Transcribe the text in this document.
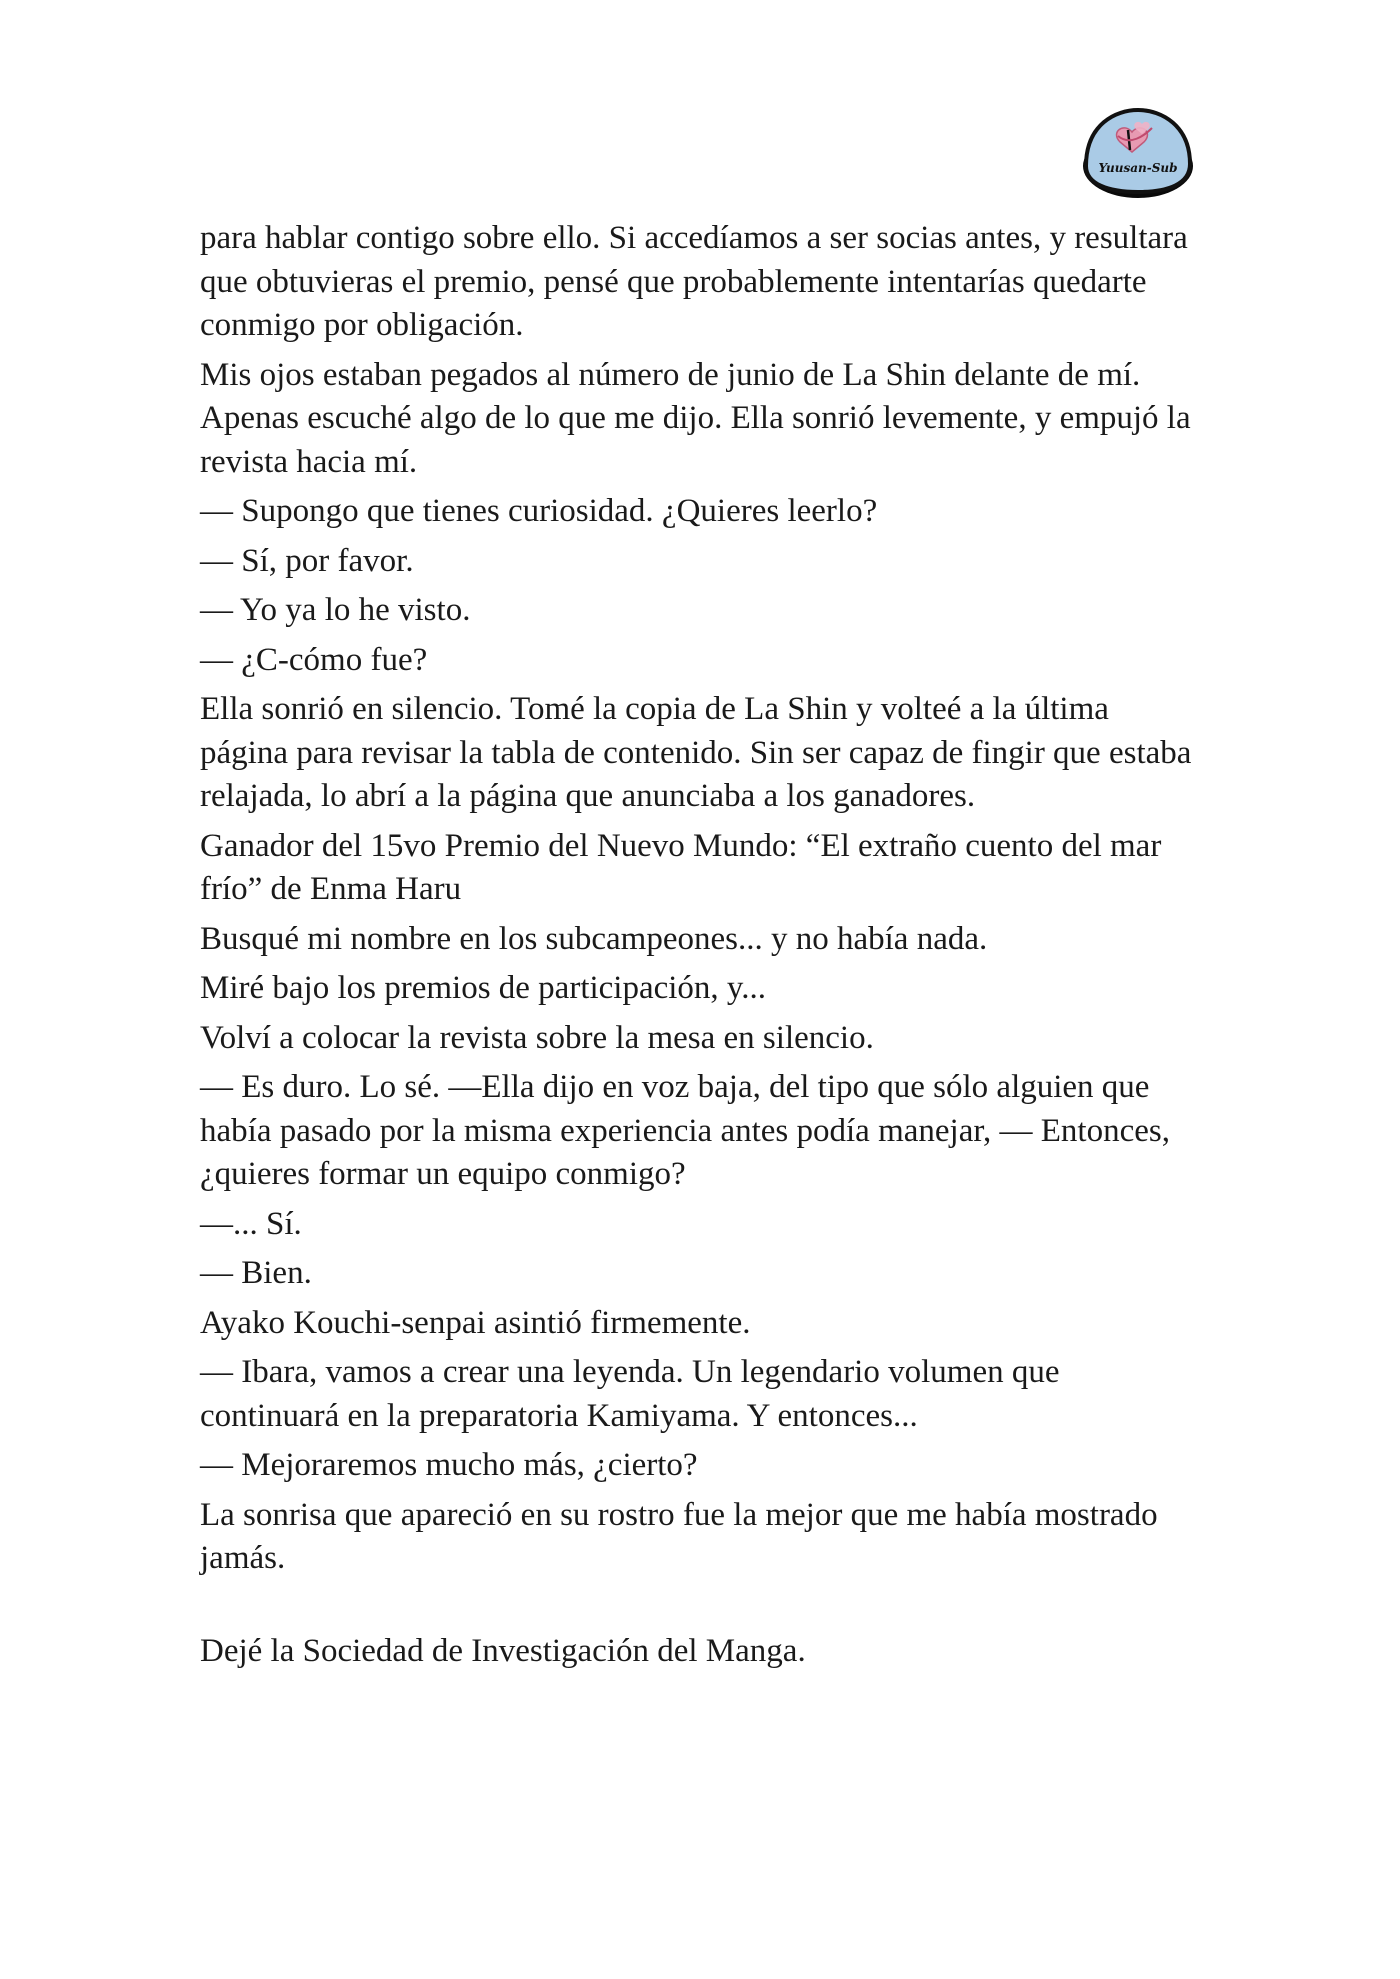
Yuusan-Sub

para hablar contigo sobre ello. Si accedíamos a ser socias antes, y resultara que obtuvieras el premio, pensé que probablemente intentarías quedarte conmigo por obligación.

Mis ojos estaban pegados al número de junio de La Shin delante de mí. Apenas escuché algo de lo que me dijo. Ella sonrió levemente, y empujó la revista hacia mí.

— Supongo que tienes curiosidad. ¿Quieres leerlo?

— Sí, por favor.

— Yo ya lo he visto.

— ¿C-cómo fue?

Ella sonrió en silencio. Tomé la copia de La Shin y volteé a la última página para revisar la tabla de contenido. Sin ser capaz de fingir que estaba relajada, lo abrí a la página que anunciaba a los ganadores.

Ganador del 15vo Premio del Nuevo Mundo: “El extraño cuento del mar frío” de Enma Haru

Busqué mi nombre en los subcampeones... y no había nada.

Miré bajo los premios de participación, y...

Volví a colocar la revista sobre la mesa en silencio.

— Es duro. Lo sé. —Ella dijo en voz baja, del tipo que sólo alguien que había pasado por la misma experiencia antes podía manejar, — Entonces, ¿quieres formar un equipo conmigo?

—... Sí.

— Bien.

Ayako Kouchi-senpai asintió firmemente.

— Ibara, vamos a crear una leyenda. Un legendario volumen que continuará en la preparatoria Kamiyama. Y entonces...

— Mejoraremos mucho más, ¿cierto?

La sonrisa que apareció en su rostro fue la mejor que me había mostrado jamás.

Dejé la Sociedad de Investigación del Manga.
